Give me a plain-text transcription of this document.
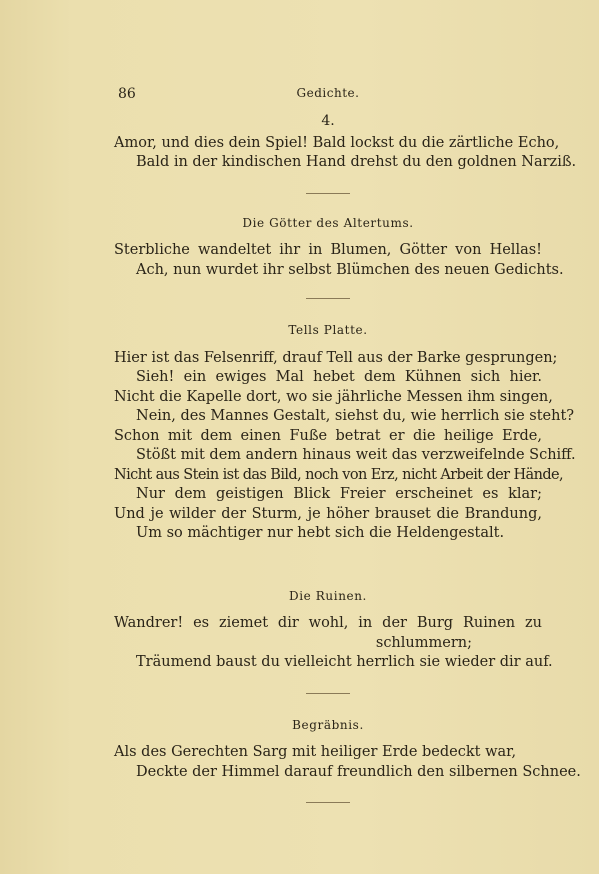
86	Gedichte.
4.
Amor, und dies dein Spiel! Bald lockst du die zärtliche Echo,
Bald in der kindischen Hand drehst du den goldnen Narziß.
Die Götter des Altertums.
Sterbliche wandeltet ihr in Blumen, Götter von Hellas!
Ach, nun wurdet ihr selbst Blümchen des neuen Gedichts.
Tells Platte.
Hier ist das Felsenriff, drauf Tell aus der Barke gesprungen;
Sieh! ein ewiges Mal hebet dem Kühnen sich hier.
Nicht die Kapelle dort, wo sie jährliche Messen ihm singen,
Nein, des Mannes Gestalt, siehst du, wie herrlich sie steht?
Schon mit dem einen Fuße betrat er die heilige Erde,
Stößt mit dem andern hinaus weit das verzweifelnde Schiff.
Nicht aus Stein ist das Bild, noch von Erz, nicht Arbeit der Hände,
Nur dem geistigen Blick Freier erscheinet es klar;
Und je wilder der Sturm, je höher brauset die Brandung,
Um so mächtiger nur hebt sich die Heldengestalt.
Die Ruinen.
Wandrer! es ziemet dir wohl, in der Burg Ruinen zu
schlummern;
Träumend baust du vielleicht herrlich sie wieder dir auf.
Begräbnis.
Als des Gerechten Sarg mit heiliger Erde bedeckt war,
Deckte der Himmel darauf freundlich den silbernen Schnee.
